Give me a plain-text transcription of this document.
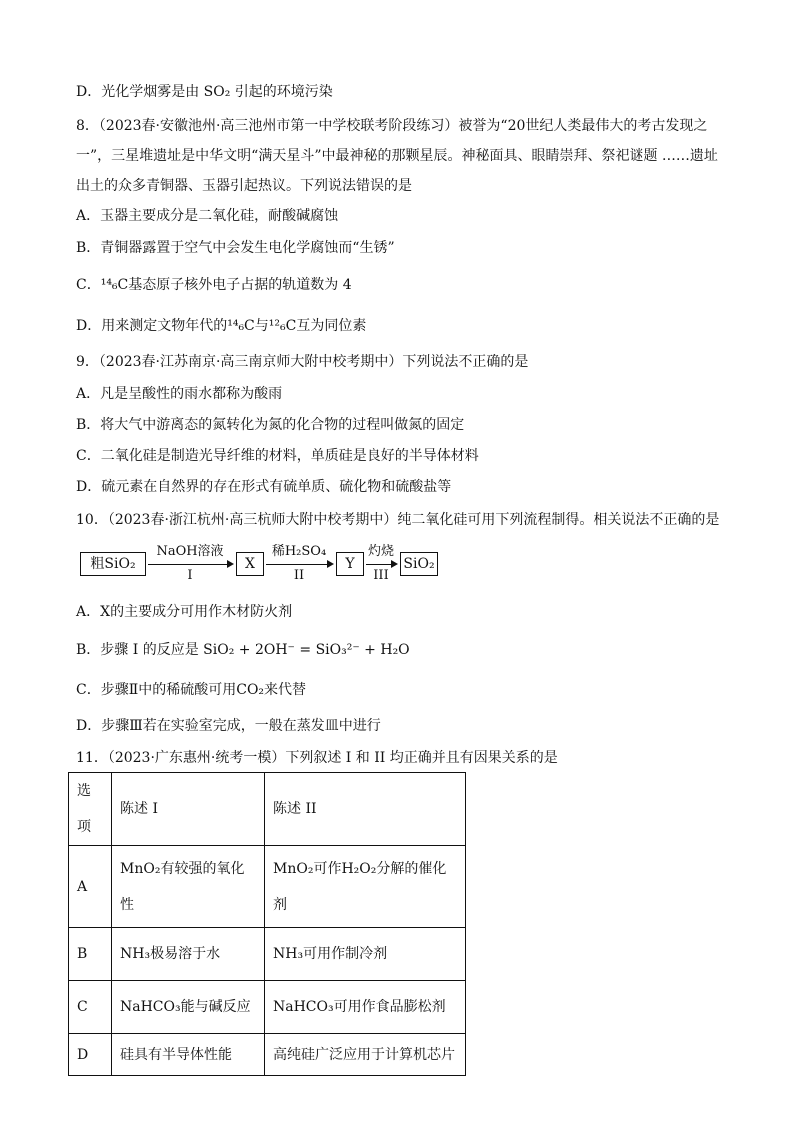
D．光化学烟雾是由 SO₂ 引起的环境污染
8．（2023春·安徽池州·高三池州市第一中学校联考阶段练习）被誉为“20世纪人类最伟大的考古发现之
一”，三星堆遗址是中华文明“满天星斗”中最神秘的那颗星辰。神秘面具、眼睛崇拜、祭祀谜题 ……遗址
出土的众多青铜器、玉器引起热议。下列说法错误的是
A．玉器主要成分是二氧化硅，耐酸碱腐蚀
B．青铜器露置于空气中会发生电化学腐蚀而“生锈”
C．¹⁴₆C基态原子核外电子占据的轨道数为 4
D．用来测定文物年代的¹⁴₆C与¹²₆C互为同位素
9．（2023春·江苏南京·高三南京师大附中校考期中）下列说法不正确的是
A．凡是呈酸性的雨水都称为酸雨
B．将大气中游离态的氮转化为氮的化合物的过程叫做氮的固定
C．二氧化硅是制造光导纤维的材料，单质硅是良好的半导体材料
D．硫元素在自然界的存在形式有硫单质、硫化物和硫酸盐等
10．（2023春·浙江杭州·高三杭师大附中校考期中）纯二氧化硅可用下列流程制得。相关说法不正确的是
粗SiO₂
NaOH溶液
I
X
稀H₂SO₄
II
Y
灼烧
III
SiO₂
A．X的主要成分可用作木材防火剂
B．步骤 I 的反应是 SiO₂ + 2OH⁻ = SiO₃²⁻ + H₂O
C．步骤Ⅱ中的稀硫酸可用CO₂来代替
D．步骤Ⅲ若在实验室完成，一般在蒸发皿中进行
11．（2023·广东惠州·统考一模）下列叙述 I 和 II 均正确并且有因果关系的是
选项	陈述 I	陈述 II
A	MnO₂有较强的氧化性	MnO₂可作H₂O₂分解的催化剂
B	NH₃极易溶于水	NH₃可用作制冷剂
C	NaHCO₃能与碱反应	NaHCO₃可用作食品膨松剂
D	硅具有半导体性能	高纯硅广泛应用于计算机芯片
